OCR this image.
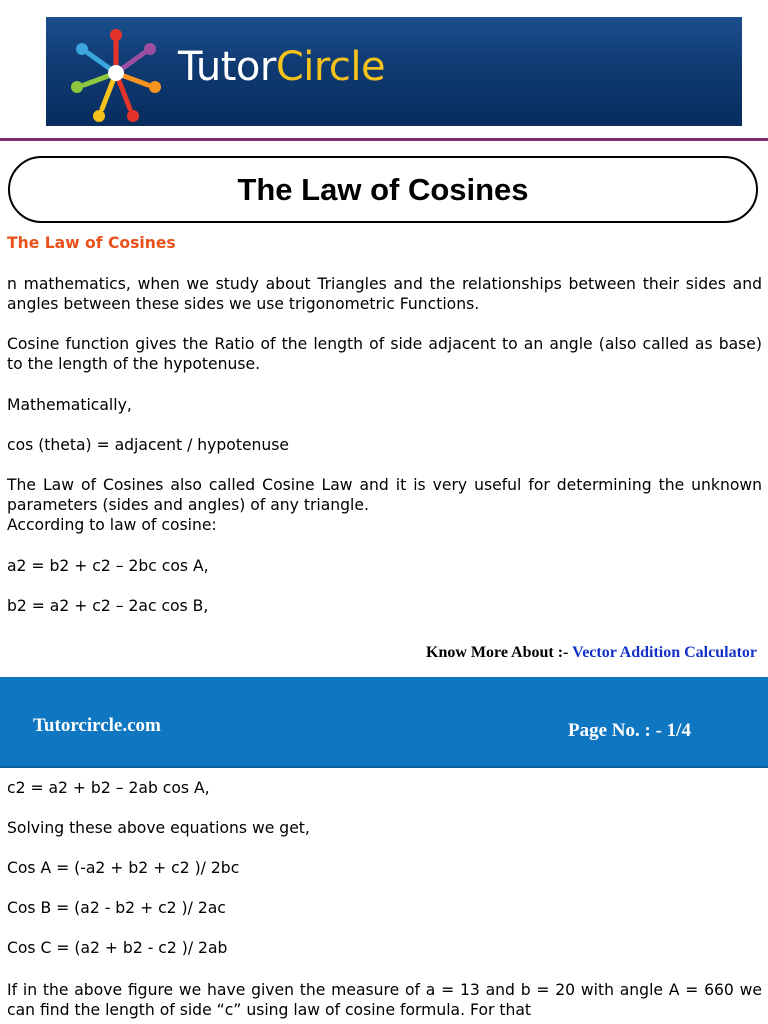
TutorCircle
The Law of Cosines
The Law of Cosines
n mathematics, when we study about Triangles and the relationships between their sides and angles between these sides we use trigonometric Functions.
Cosine function gives the Ratio of the length of side adjacent to an angle (also called as base) to the length of the hypotenuse.
Mathematically,
cos (theta) = adjacent / hypotenuse
The Law of Cosines also called Cosine Law and it is very useful for determining the unknown parameters (sides and angles) of any triangle.
According to law of cosine:
a2 = b2 + c2 – 2bc cos A,
b2 = a2 + c2 – 2ac cos B,
Know More About :- Vector Addition Calculator
Tutorcircle.com	Page No. : - 1/4
c2 = a2 + b2 – 2ab cos A,
Solving these above equations we get,
Cos A = (-a2 + b2 + c2 )/ 2bc
Cos B = (a2 - b2 + c2 )/ 2ac
Cos C = (a2 + b2 - c2 )/ 2ab
If in the above figure we have given the measure of a = 13 and b = 20 with angle A = 660 we can find the length of side “c” using law of cosine formula. For that
